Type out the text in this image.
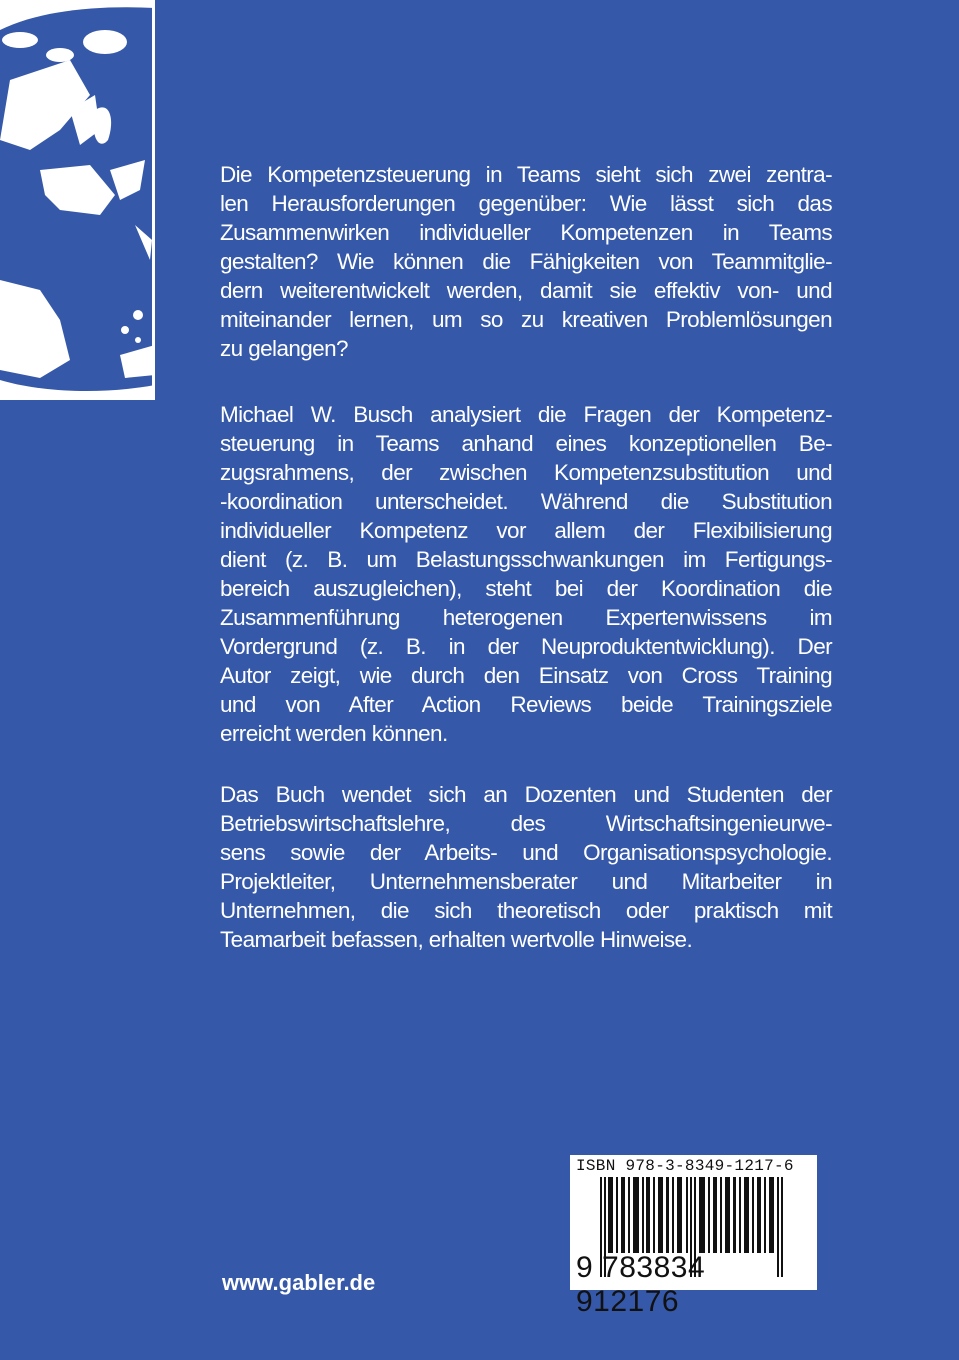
Die Kompetenzsteuerung in Teams sieht sich zwei zentra-
len Herausforderungen gegenüber: Wie lässt sich das
Zusammenwirken individueller Kompetenzen in Teams
gestalten? Wie können die Fähigkeiten von Teammitglie-
dern weiterentwickelt werden, damit sie effektiv von- und
miteinander lernen, um so zu kreativen Problemlösungen
zu gelangen?
Michael W. Busch analysiert die Fragen der Kompetenz-
steuerung in Teams anhand eines konzeptionellen Be-
zugsrahmens, der zwischen Kompetenzsubstitution und
-koordination unterscheidet. Während die Substitution
individueller Kompetenz vor allem der Flexibilisierung
dient (z. B. um Belastungsschwankungen im Fertigungs-
bereich auszugleichen), steht bei der Koordination die
Zusammenführung heterogenen Expertenwissens im
Vordergrund (z. B. in der Neuproduktentwicklung). Der
Autor zeigt, wie durch den Einsatz von Cross Training
und von After Action Reviews beide Trainingsziele
erreicht werden können.
Das Buch wendet sich an Dozenten und Studenten der
Betriebswirtschaftslehre, des Wirtschaftsingenieurwe-
sens sowie der Arbeits- und Organisationspsychologie.
Projektleiter, Unternehmensberater und Mitarbeiter in
Unternehmen, die sich theoretisch oder praktisch mit
Teamarbeit befassen, erhalten wertvolle Hinweise.
ISBN 978-3-8349-1217-6
9 783834 912176
www.gabler.de
